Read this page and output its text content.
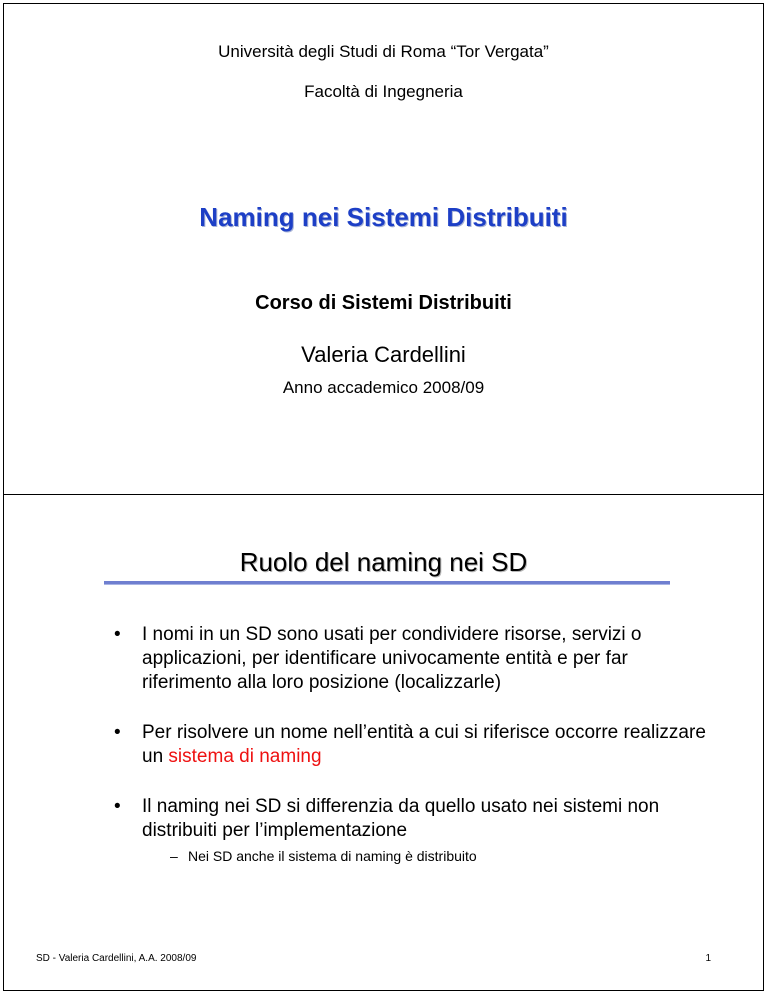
Università degli Studi di Roma “Tor Vergata”
Facoltà di Ingegneria
Naming nei Sistemi Distribuiti
Corso di Sistemi Distribuiti
Valeria Cardellini
Anno accademico 2008/09
Ruolo del naming nei SD
• I nomi in un SD sono usati per condividere risorse, servizi o applicazioni, per identificare univocamente entità e per far riferimento alla loro posizione (localizzarle)
• Per risolvere un nome nell’entità a cui si riferisce occorre realizzare un sistema di naming
• Il naming nei SD si differenzia da quello usato nei sistemi non distribuiti per l’implementazione
– Nei SD anche il sistema di naming è distribuito
SD - Valeria Cardellini, A.A. 2008/09	1
